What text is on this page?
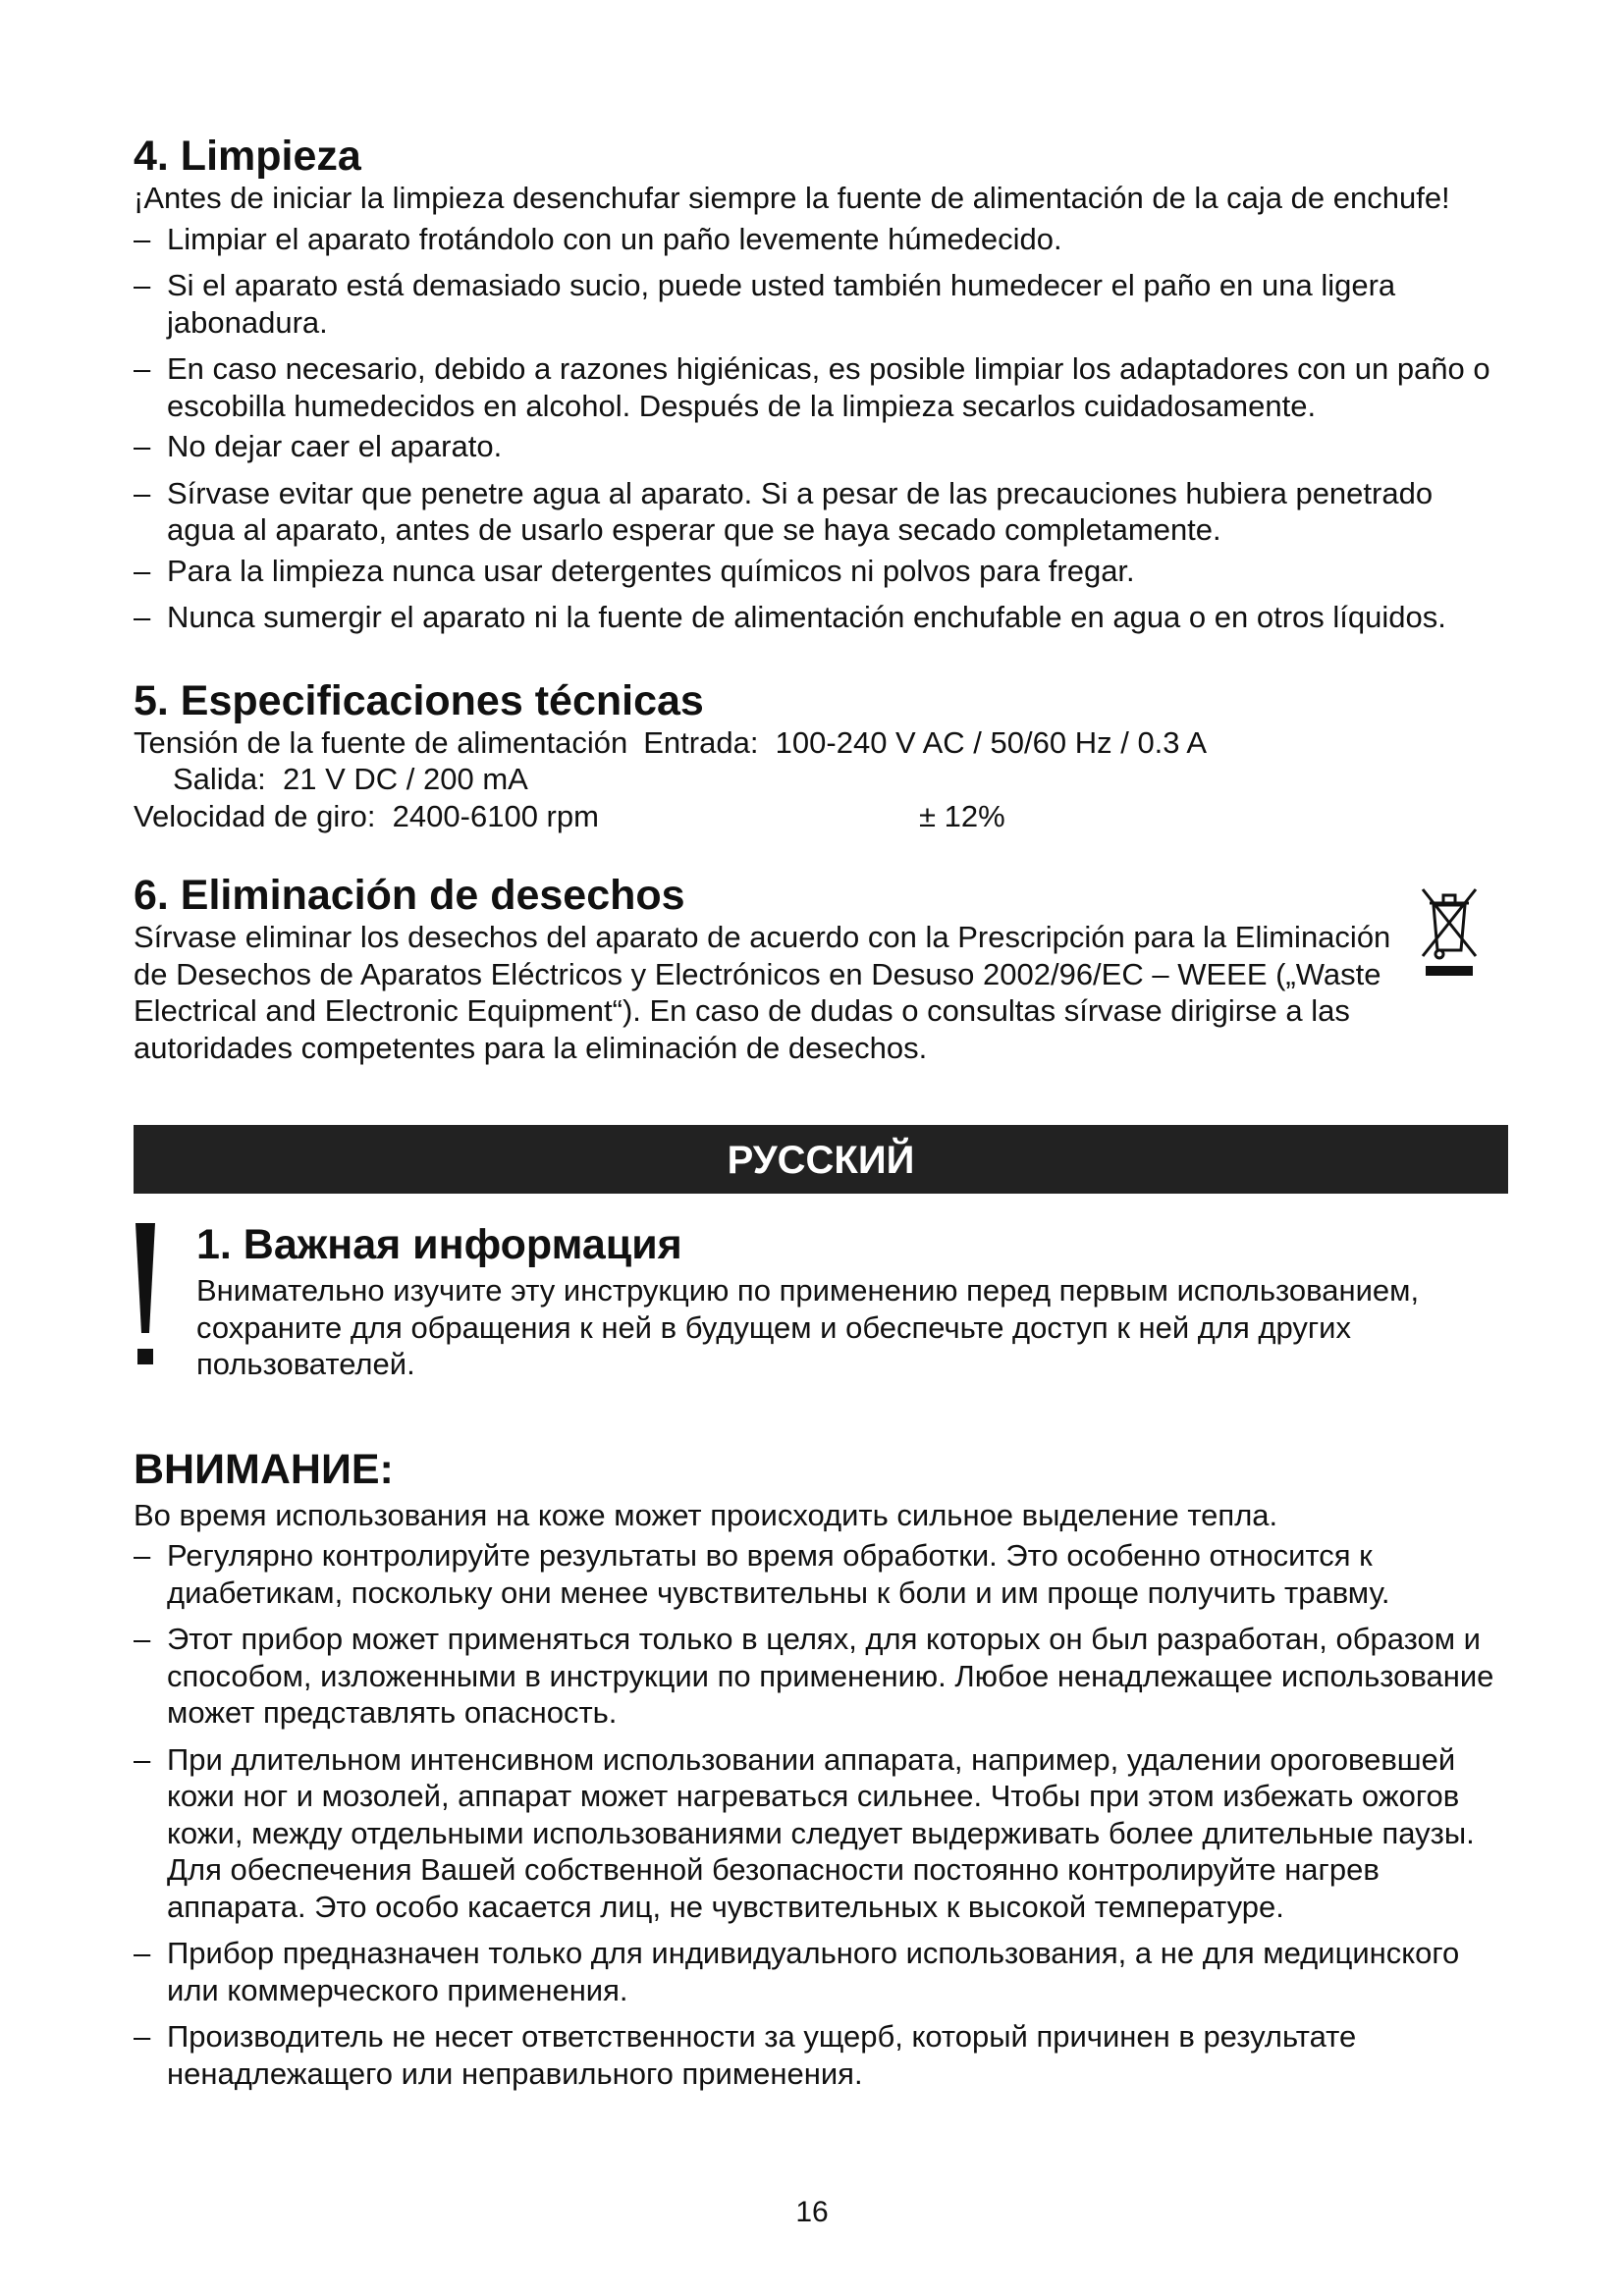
4. Limpieza

¡Antes de iniciar la limpieza desenchufar siempre la fuente de alimentación de la caja de enchufe!

– Limpiar el aparato frotándolo con un paño levemente húmedecido.
– Si el aparato está demasiado sucio, puede usted también humedecer el paño en una ligera jabonadura.
– En caso necesario, debido a razones higiénicas, es posible limpiar los adaptadores con un paño o escobilla humedecidos en alcohol. Después de la limpieza secarlos cuidadosamente.
– No dejar caer el aparato.
– Sírvase evitar que penetre agua al aparato. Si a pesar de las precauciones hubiera penetrado agua al aparato, antes de usarlo esperar que se haya secado completamente.
– Para la limpieza nunca usar detergentes químicos ni polvos para fregar.
– Nunca sumergir el aparato ni la fuente de alimentación enchufable en agua o en otros líquidos.
5. Especificaciones técnicas
Tensión de la fuente de alimentación Entrada:  100-240 V AC / 50/60 Hz / 0.3 A
Salida:  21 V DC / 200 mA
Velocidad de giro:  2400-6100 rpm	± 12%
6. Eliminación de desechos

Sírvase eliminar los desechos del aparato de acuerdo con la Prescripción para la Eliminación de Desechos de Aparatos Eléctricos y Electrónicos en Desuso 2002/96/EC – WEEE („Waste Electrical and Electronic Equipment“). En caso de dudas o consultas sírvase dirigirse a las autoridades competentes para la eliminación de desechos.

РУССКИЙ
1. Важная информация

Внимательно изучите эту инструкцию по применению перед первым использованием, сохраните для обращения к ней в будущем и обеспечьте доступ к ней для других пользователей.

ВНИМАНИЕ:

Во время использования на коже может происходить сильное выделение тепла.

– Регулярно контролируйте результаты во время обработки. Это особенно относится к диабетикам, поскольку они менее чувствительны к боли и им проще получить травму.
– Этот прибор может применяться только в целях, для которых он был разработан, образом и способом, изложенными в инструкции по применению. Любое ненадлежащее использование может представлять опасность.
– При длительном интенсивном использовании аппарата, например, удалении ороговевшей кожи ног и мозолей, аппарат может нагреваться сильнее. Чтобы при этом избежать ожогов кожи, между отдельными использованиями следует выдерживать более длительные паузы. Для обеспечения Вашей собственной безопасности постоянно контролируйте нагрев аппарата. Это особо касается лиц, не чувствительных к высокой температуре.
– Прибор предназначен только для индивидуального использования, а не для медицинского или коммерческого применения.
– Производитель не несет ответственности за ущерб, который причинен в результате ненадлежащего или неправильного применения.
16
